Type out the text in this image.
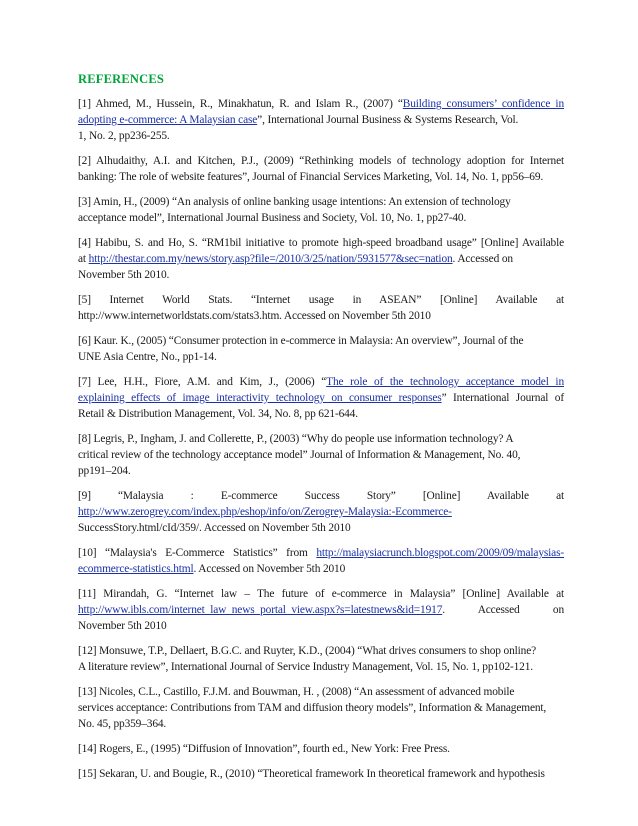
REFERENCES
[1] Ahmed, M., Hussein, R., Minakhatun, R. and Islam R., (2007) “Building consumers’ confidence in
adopting e-commerce: A Malaysian case”, International Journal Business & Systems Research, Vol.
1, No. 2, pp236-255.
[2] Alhudaithy, A.I. and Kitchen, P.J., (2009) “Rethinking models of technology adoption for Internet
banking: The role of website features”, Journal of Financial Services Marketing, Vol. 14, No. 1, pp56–69.
[3] Amin, H., (2009) “An analysis of online banking usage intentions: An extension of technology
acceptance model”, International Journal Business and Society, Vol. 10, No. 1, pp27-40.
[4] Habibu, S. and Ho, S. “RM1bil initiative to promote high-speed broadband usage” [Online] Available
at http://thestar.com.my/news/story.asp?file=/2010/3/25/nation/5931577&sec=nation. Accessed on
November 5th 2010.
[5] Internet World Stats. “Internet usage in ASEAN” [Online] Available at
http://www.internetworldstats.com/stats3.htm. Accessed on November 5th 2010
[6] Kaur. K., (2005) “Consumer protection in e-commerce in Malaysia: An overview”, Journal of the
UNE Asia Centre, No., pp1-14.
[7] Lee, H.H., Fiore, A.M. and Kim, J., (2006) “The role of the technology acceptance model in
explaining effects of image interactivity technology on consumer responses” International Journal of
Retail & Distribution Management, Vol. 34, No. 8, pp 621-644.
[8] Legris, P., Ingham, J. and Collerette, P., (2003) “Why do people use information technology? A
critical review of the technology acceptance model” Journal of Information & Management, No. 40,
pp191–204.
[9] “Malaysia : E-commerce Success Story” [Online] Available at
http://www.zerogrey.com/index.php/eshop/info/on/Zerogrey-Malaysia:-Ecommerce-
SuccessStory.html/cId/359/. Accessed on November 5th 2010
[10] “Malaysia's E-Commerce Statistics” from http://malaysiacrunch.blogspot.com/2009/09/malaysias-
ecommerce-statistics.html. Accessed on November 5th 2010
[11] Mirandah, G. “Internet law – The future of e-commerce in Malaysia” [Online] Available at
http://www.ibls.com/internet_law_news_portal_view.aspx?s=latestnews&id=1917. Accessed on
November 5th 2010
[12] Monsuwe, T.P., Dellaert, B.G.C. and Ruyter, K.D., (2004) “What drives consumers to shop online?
A literature review”, International Journal of Service Industry Management, Vol. 15, No. 1, pp102-121.
[13] Nicoles, C.L., Castillo, F.J.M. and Bouwman, H. , (2008) “An assessment of advanced mobile
services acceptance: Contributions from TAM and diffusion theory models”, Information & Management,
No. 45, pp359–364.
[14] Rogers, E., (1995) “Diffusion of Innovation”, fourth ed., New York: Free Press.
[15] Sekaran, U. and Bougie, R., (2010) “Theoretical framework In theoretical framework and hypothesis
